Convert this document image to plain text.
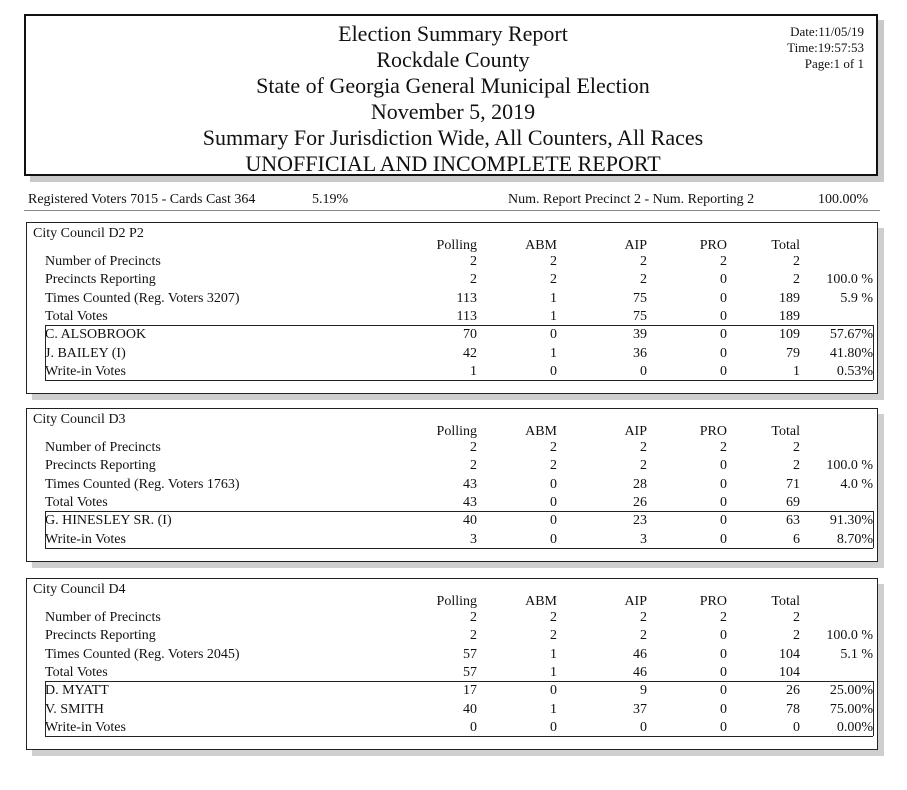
Election Summary Report
Rockdale County
State of Georgia General Municipal Election
November 5, 2019
Summary For Jurisdiction Wide, All Counters, All Races
UNOFFICIAL AND INCOMPLETE REPORT
Date:11/05/19
Time:19:57:53
Page:1 of 1
Registered Voters 7015 - Cards Cast 364	5.19%	Num. Report Precinct 2 - Num. Reporting 2	100.00%
City Council D2 P2
Polling	ABM	AIP	PRO	Total
Number of Precincts	2	2	2	2	2
Precincts Reporting	2	2	2	0	2	100.0 %
Times Counted (Reg. Voters 3207)	113	1	75	0	189	5.9 %
Total Votes	113	1	75	0	189
C. ALSOBROOK	70	0	39	0	109	57.67%
J. BAILEY (I)	42	1	36	0	79	41.80%
Write-in Votes	1	0	0	0	1	0.53%
City Council D3
Polling	ABM	AIP	PRO	Total
Number of Precincts	2	2	2	2	2
Precincts Reporting	2	2	2	0	2	100.0 %
Times Counted (Reg. Voters 1763)	43	0	28	0	71	4.0 %
Total Votes	43	0	26	0	69
G. HINESLEY SR. (I)	40	0	23	0	63	91.30%
Write-in Votes	3	0	3	0	6	8.70%
City Council D4
Polling	ABM	AIP	PRO	Total
Number of Precincts	2	2	2	2	2
Precincts Reporting	2	2	2	0	2	100.0 %
Times Counted (Reg. Voters 2045)	57	1	46	0	104	5.1 %
Total Votes	57	1	46	0	104
D. MYATT	17	0	9	0	26	25.00%
V. SMITH	40	1	37	0	78	75.00%
Write-in Votes	0	0	0	0	0	0.00%
